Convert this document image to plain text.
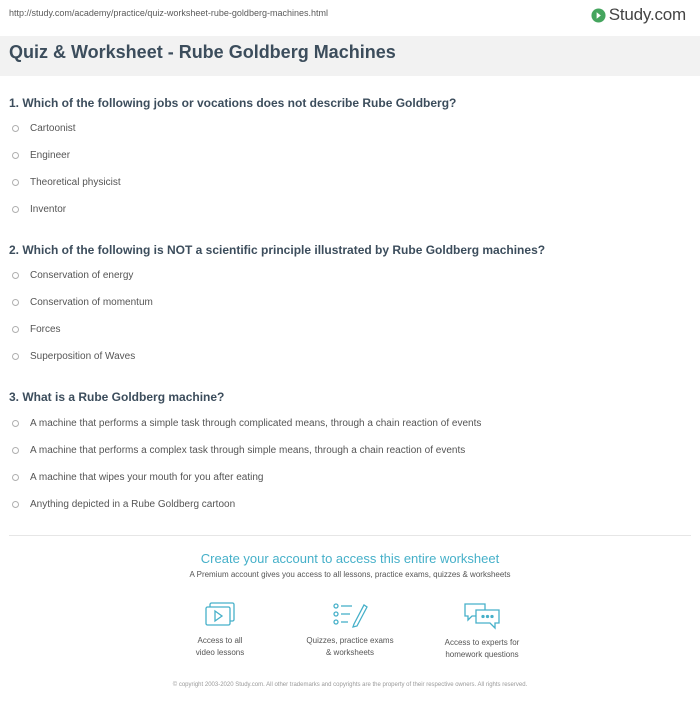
http://study.com/academy/practice/quiz-worksheet-rube-goldberg-machines.html	Study.com
Quiz & Worksheet - Rube Goldberg Machines

1. Which of the following jobs or vocations does not describe Rube Goldberg?

Cartoonist
Engineer
Theoretical physicist
Inventor

2. Which of the following is NOT a scientific principle illustrated by Rube Goldberg machines?

Conservation of energy
Conservation of momentum
Forces
Superposition of Waves

3. What is a Rube Goldberg machine?

A machine that performs a simple task through complicated means, through a chain reaction of events
A machine that performs a complex task through simple means, through a chain reaction of events
A machine that wipes your mouth for you after eating
Anything depicted in a Rube Goldberg cartoon
Create your account to access this entire worksheet
A Premium account gives you access to all lessons, practice exams, quizzes & worksheets
Access to all
video lessons
Quizzes, practice exams
& worksheets
Access to experts for
homework questions
© copyright 2003-2020 Study.com. All other trademarks and copyrights are the property of their respective owners. All rights reserved.
